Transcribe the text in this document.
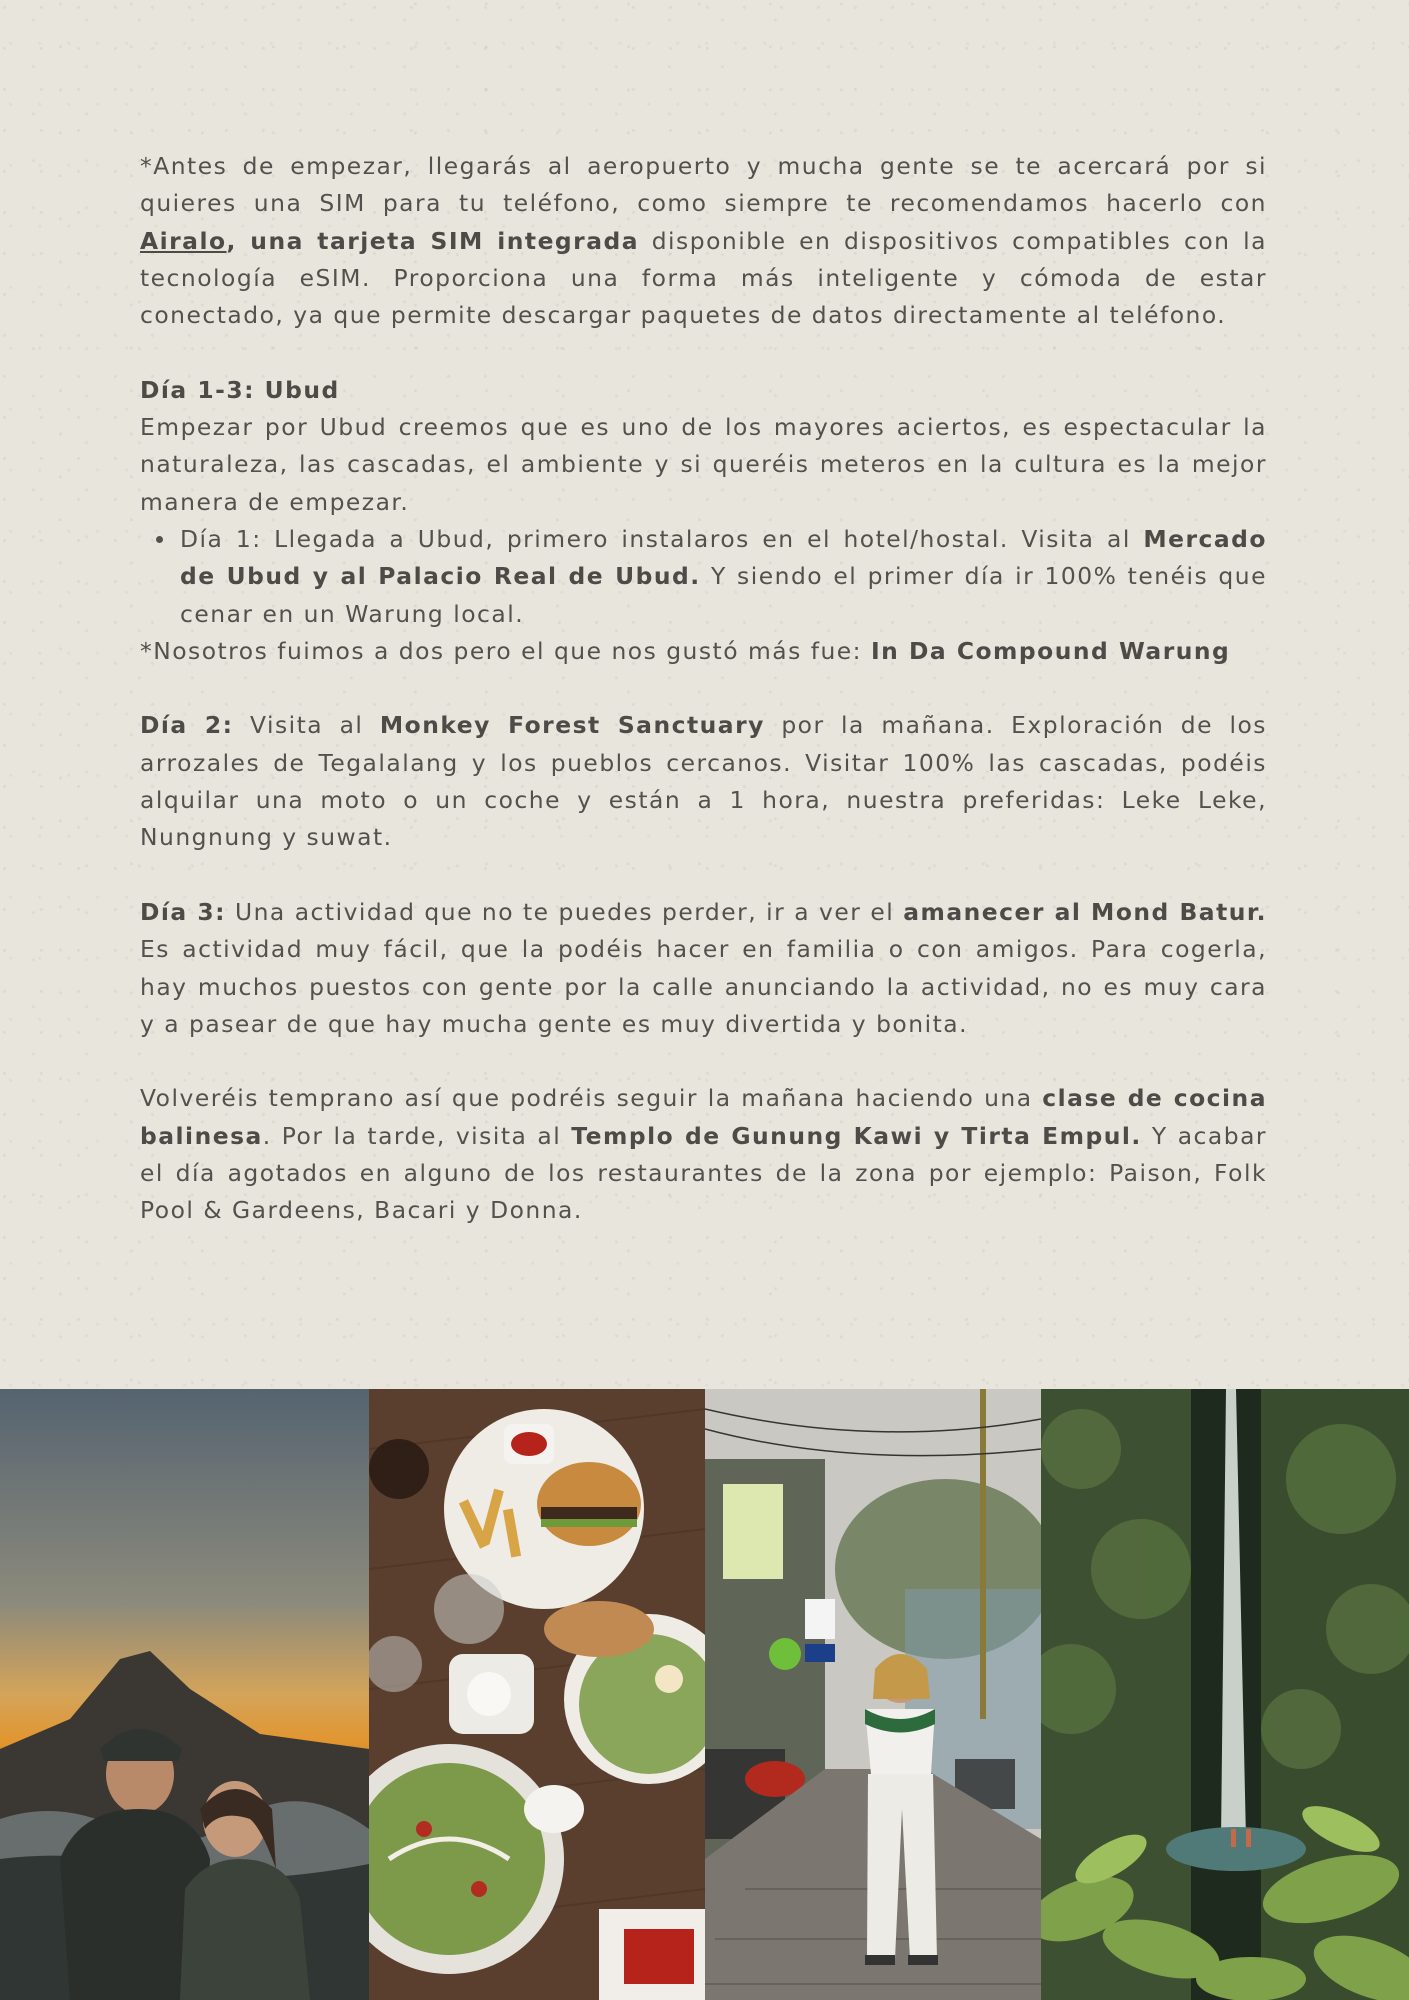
*Antes de empezar, llegarás al aeropuerto y mucha gente se te acercará por si quieres una SIM para tu teléfono, como siempre te recomendamos hacerlo con Airalo, una tarjeta SIM integrada disponible en dispositivos compatibles con la tecnología eSIM. Proporciona una forma más inteligente y cómoda de estar conectado, ya que permite descargar paquetes de datos directamente al teléfono.

Día 1-3: Ubud

Empezar por Ubud creemos que es uno de los mayores aciertos, es espectacular la naturaleza, las cascadas, el ambiente y si queréis meteros en la cultura es la mejor manera de empezar.

Día 1: Llegada a Ubud, primero instalaros en el hotel/hostal. Visita al Mercado de Ubud y al Palacio Real de Ubud. Y siendo el primer día ir 100% tenéis que cenar en un Warung local.

*Nosotros fuimos a dos pero el que nos gustó más fue: In Da Compound Warung

Día 2: Visita al Monkey Forest Sanctuary por la mañana. Exploración de los arrozales de Tegalalang y los pueblos cercanos. Visitar 100% las cascadas, podéis alquilar una moto o un coche y están a 1 hora, nuestra preferidas: Leke Leke, Nungnung y suwat.

Día 3: Una actividad que no te puedes perder, ir a ver el amanecer al Mond Batur. Es actividad muy fácil, que la podéis hacer en familia o con amigos. Para cogerla, hay muchos puestos con gente por la calle anunciando la actividad, no es muy cara y a pasear de que hay mucha gente es muy divertida y bonita.

Volveréis temprano así que podréis seguir la mañana haciendo una clase de cocina balinesa. Por la tarde, visita al Templo de Gunung Kawi y Tirta Empul. Y acabar el día agotados en alguno de los restaurantes de la zona por ejemplo: Paison, Folk Pool & Gardeens, Bacari y Donna.
